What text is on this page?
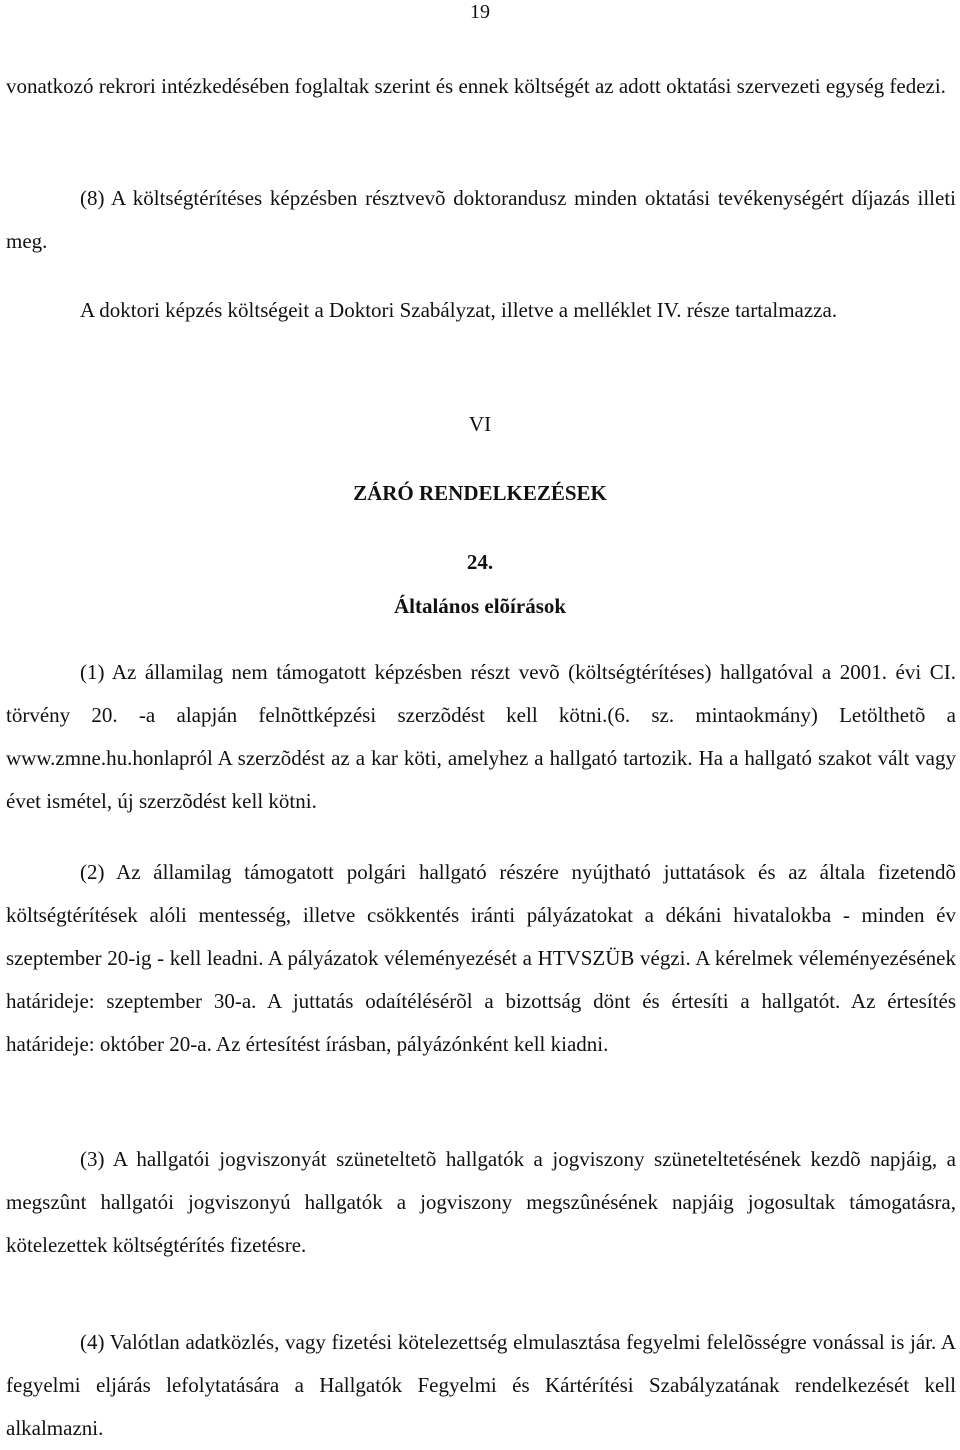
19

vonatkozó rekrori intézkedésében foglaltak szerint és ennek költségét az adott oktatási szervezeti egység fedezi.

(8) A költségtérítéses képzésben résztvevõ doktorandusz minden oktatási tevékenységért díjazás illeti meg.

A doktori képzés költségeit a Doktori Szabályzat, illetve a melléklet IV. része tartalmazza.

VI
ZÁRÓ RENDELKEZÉSEK
24.
Általános elõírások

(1) Az államilag nem támogatott képzésben részt vevõ (költségtérítéses) hallgatóval a 2001. évi CI. törvény 20. -a alapján felnõttképzési szerzõdést kell kötni.(6. sz. mintaokmány) Letölthetõ a www.zmne.hu.honlapról A szerzõdést az a kar köti, amelyhez a hallgató tartozik. Ha a hallgató szakot vált vagy évet ismétel, új szerzõdést kell kötni.

(2) Az államilag támogatott polgári hallgató részére nyújtható juttatások és az általa fizetendõ költségtérítések alóli mentesség, illetve csökkentés iránti pályázatokat a dékáni hivatalokba - minden év szeptember 20-ig - kell leadni. A pályázatok véleményezését a HTVSZÜB végzi. A kérelmek véleményezésének határideje: szeptember 30-a. A juttatás odaítélésérõl a bizottság dönt és értesíti a hallgatót. Az értesítés határideje: október 20-a. Az értesítést írásban, pályázónként kell kiadni.

(3) A hallgatói jogviszonyát szüneteltetõ hallgatók a jogviszony szüneteltetésének kezdõ napjáig, a megszûnt hallgatói jogviszonyú hallgatók a jogviszony megszûnésének napjáig jogosultak támogatásra, kötelezettek költségtérítés fizetésre.

(4) Valótlan adatközlés, vagy fizetési kötelezettség elmulasztása fegyelmi felelõsségre vonással is jár. A fegyelmi eljárás lefolytatására a Hallgatók Fegyelmi és Kártérítési Szabályzatának rendelkezését kell alkalmazni.
